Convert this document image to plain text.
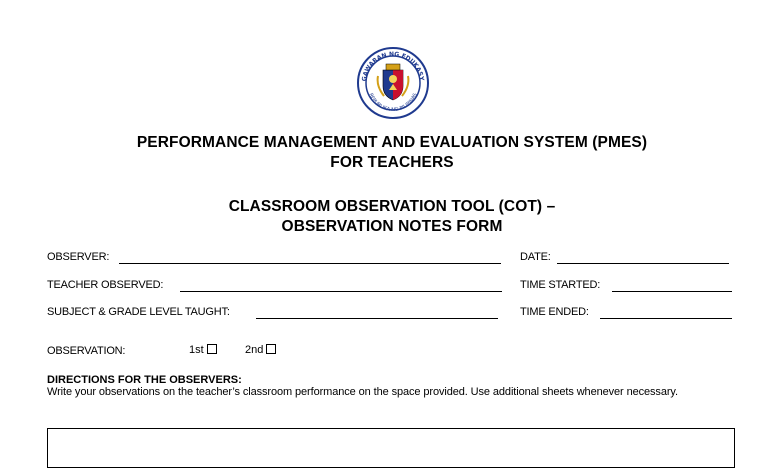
GAWARAN NG EDUKASY
REPUBLIKA NG PILIPINAS
PERFORMANCE MANAGEMENT AND EVALUATION SYSTEM (PMES)
FOR TEACHERS
CLASSROOM OBSERVATION TOOL (COT) –
OBSERVATION NOTES FORM
OBSERVER:	DATE:
TEACHER OBSERVED:	TIME STARTED:
SUBJECT & GRADE LEVEL TAUGHT:	TIME ENDED:
OBSERVATION:	1st	2nd
DIRECTIONS FOR THE OBSERVERS:
Write your observations on the teacher’s classroom performance on the space provided. Use additional sheets whenever necessary.
